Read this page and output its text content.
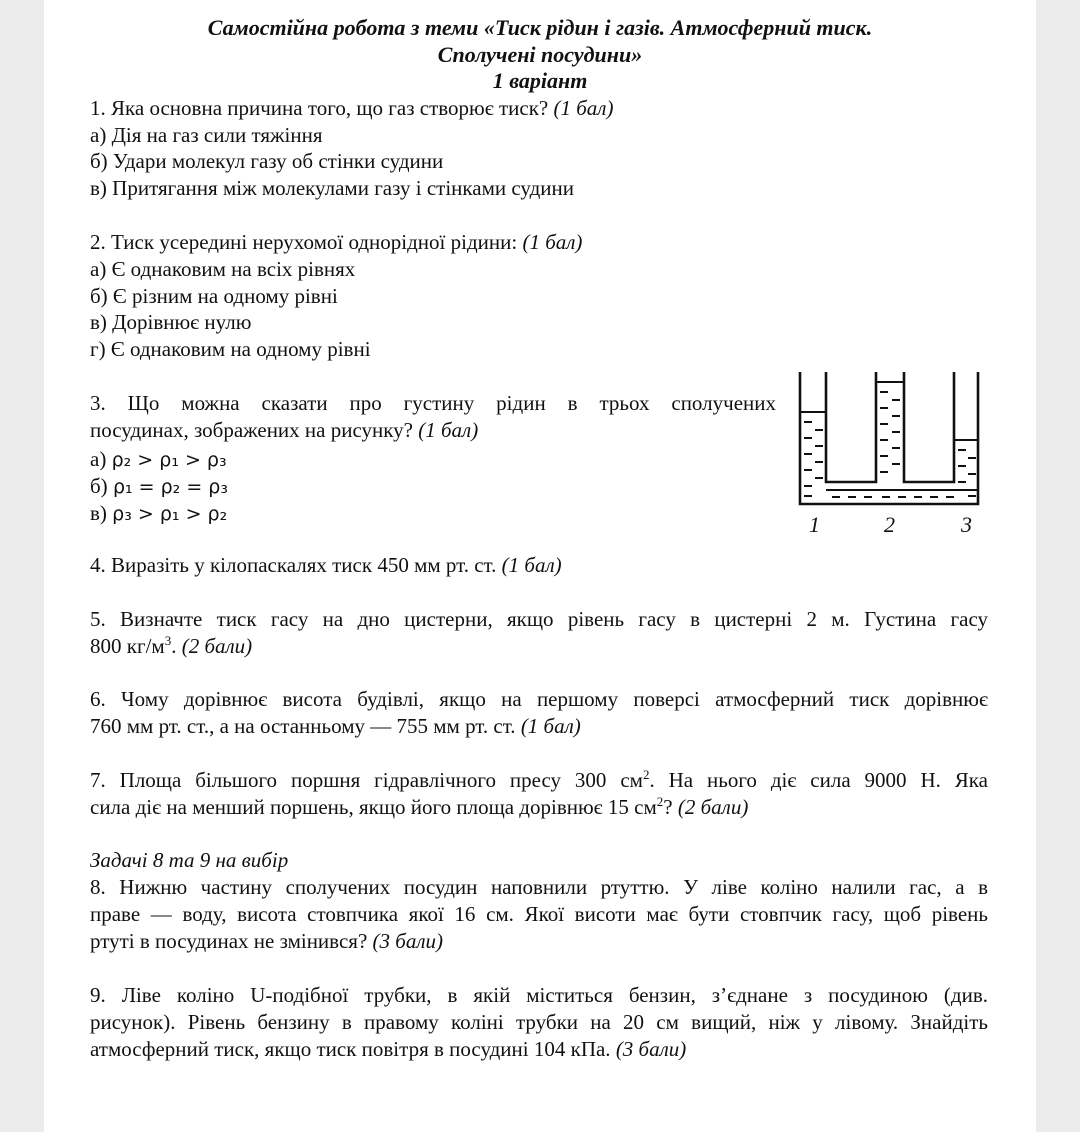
Самостійна робота з теми «Тиск рідин і газів. Атмосферний тиск.
Сполучені посудини»
1 варіант
1. Яка основна причина того, що газ створює тиск? (1 бал)
а) Дія на газ сили тяжіння
б) Удари молекул газу об стінки судини
в) Притягання між молекулами газу і стінками судини
2. Тиск усередині нерухомої однорідної рідини: (1 бал)
а) Є однаковим на всіх рівнях
б) Є різним на одному рівні
в) Дорівнює нулю
г) Є однаковим на одному рівні
3. Що можна сказати про густину рідин в трьох сполучених
посудинах, зображених на рисунку? (1 бал)
а) ρ₂ > ρ₁ > ρ₃
б) ρ₁ = ρ₂ = ρ₃
в) ρ₃ > ρ₁ > ρ₂	1	2	3
4. Виразіть у кілопаскалях тиск 450 мм рт. ст. (1 бал)
5. Визначте тиск гасу на дно цистерни, якщо рівень гасу в цистерні 2 м. Густина гасу
800 $кг/м^3$. (2 бали)
6. Чому дорівнює висота будівлі, якщо на першому поверсі атмосферний тиск дорівнює
760 мм рт. ст., а на останньому — 755 мм рт. ст. (1 бал)
7. Площа більшого поршня гідравлічного пресу 300 $см^2$. На нього діє сила 9000 Н. Яка
сила діє на менший поршень, якщо його площа дорівнює 15 $см^2$? (2 бали)
Задачі 8 та 9 на вибір
8. Нижню частину сполучених посудин наповнили ртуттю. У ліве коліно налили гас, а в
праве — воду, висота стовпчика якої 16 см. Якої висоти має бути стовпчик гасу, щоб рівень
ртуті в посудинах не змінився? (3 бали)
9. Ліве коліно U-подібної трубки, в якій міститься бензин, з’єднане з посудиною (див.
рисунок). Рівень бензину в правому коліні трубки на 20 см вищий, ніж у лівому. Знайдіть
атмосферний тиск, якщо тиск повітря в посудині 104 кПа. (3 бали)
